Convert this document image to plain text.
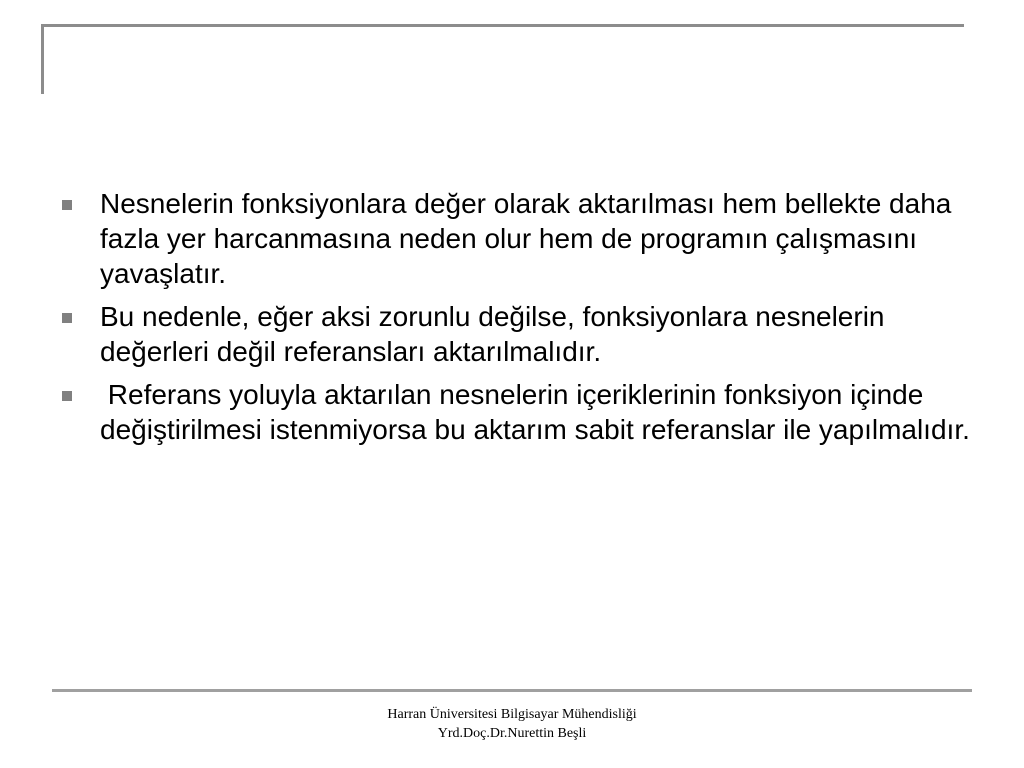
Nesnelerin fonksiyonlara değer olarak aktarılması hem bellekte daha fazla yer harcanmasına neden olur hem de programın çalışmasını yavaşlatır.
Bu nedenle, eğer aksi zorunlu değilse, fonksiyonlara nesnelerin değerleri değil referansları aktarılmalıdır.
Referans yoluyla aktarılan nesnelerin içeriklerinin fonksiyon içinde değiştirilmesi istenmiyorsa bu aktarım sabit referanslar ile yapılmalıdır.
Harran Üniversitesi Bilgisayar Mühendisliği
Yrd.Doç.Dr.Nurettin Beşli
